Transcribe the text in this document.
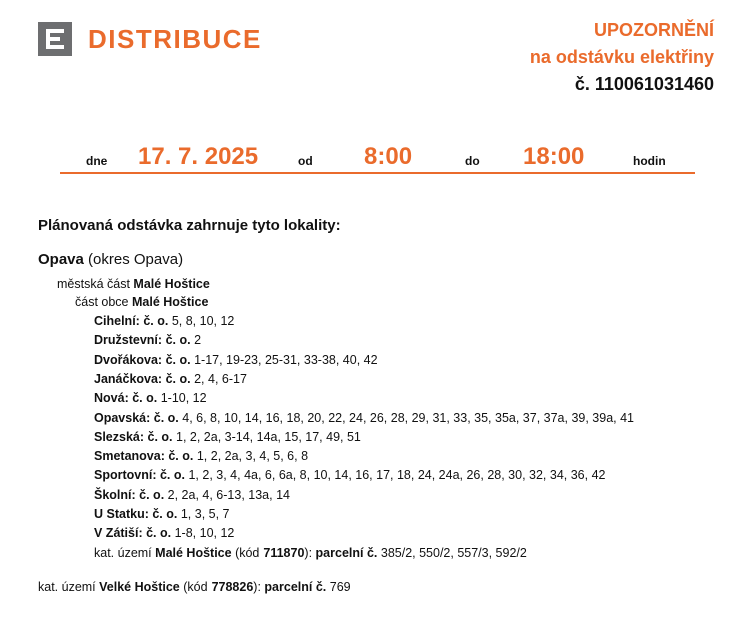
DISTRIBUCE	UPOZORNĚNÍ
na odstávku elektřiny
č. 110061031460
dne 17. 7. 2025	od 8:00	do 18:00	hodin
Plánovaná odstávka zahrnuje tyto lokality:
Opava (okres Opava)
městská část Malé Hoštice
část obce Malé Hoštice
Cihelní: č. o. 5, 8, 10, 12
Družstevní: č. o. 2
Dvořákova: č. o. 1-17, 19-23, 25-31, 33-38, 40, 42
Janáčkova: č. o. 2, 4, 6-17
Nová: č. o. 1-10, 12
Opavská: č. o. 4, 6, 8, 10, 14, 16, 18, 20, 22, 24, 26, 28, 29, 31, 33, 35, 35a, 37, 37a, 39, 39a, 41
Slezská: č. o. 1, 2, 2a, 3-14, 14a, 15, 17, 49, 51
Smetanova: č. o. 1, 2, 2a, 3, 4, 5, 6, 8
Sportovní: č. o. 1, 2, 3, 4, 4a, 6, 6a, 8, 10, 14, 16, 17, 18, 24, 24a, 26, 28, 30, 32, 34, 36, 42
Školní: č. o. 2, 2a, 4, 6-13, 13a, 14
U Statku: č. o. 1, 3, 5, 7
V Zátiší: č. o. 1-8, 10, 12
kat. území Malé Hoštice (kód 711870): parcelní č. 385/2, 550/2, 557/3, 592/2
kat. území Velké Hoštice (kód 778826): parcelní č. 769
